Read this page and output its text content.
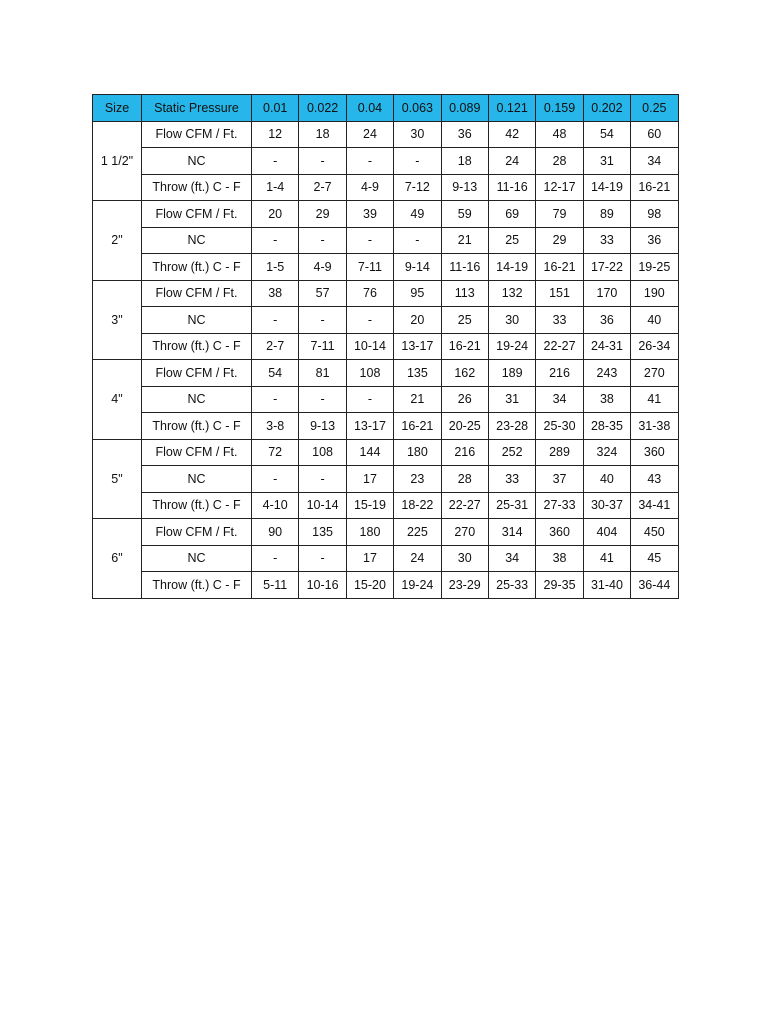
Size	Static Pressure	0.01	0.022	0.04	0.063	0.089	0.121	0.159	0.202	0.25
1 1/2"	Flow CFM / Ft.	12	18	24	30	36	42	48	54	60
	NC	-	-	-	-	18	24	28	31	34
	Throw (ft.) C - F	1-4	2-7	4-9	7-12	9-13	11-16	12-17	14-19	16-21
2"	Flow CFM / Ft.	20	29	39	49	59	69	79	89	98
	NC	-	-	-	-	21	25	29	33	36
	Throw (ft.) C - F	1-5	4-9	7-11	9-14	11-16	14-19	16-21	17-22	19-25
3"	Flow CFM / Ft.	38	57	76	95	113	132	151	170	190
	NC	-	-	-	20	25	30	33	36	40
	Throw (ft.) C - F	2-7	7-11	10-14	13-17	16-21	19-24	22-27	24-31	26-34
4"	Flow CFM / Ft.	54	81	108	135	162	189	216	243	270
	NC	-	-	-	21	26	31	34	38	41
	Throw (ft.) C - F	3-8	9-13	13-17	16-21	20-25	23-28	25-30	28-35	31-38
5"	Flow CFM / Ft.	72	108	144	180	216	252	289	324	360
	NC	-	-	17	23	28	33	37	40	43
	Throw (ft.) C - F	4-10	10-14	15-19	18-22	22-27	25-31	27-33	30-37	34-41
6"	Flow CFM / Ft.	90	135	180	225	270	314	360	404	450
	NC	-	-	17	24	30	34	38	41	45
	Throw (ft.) C - F	5-11	10-16	15-20	19-24	23-29	25-33	29-35	31-40	36-44
